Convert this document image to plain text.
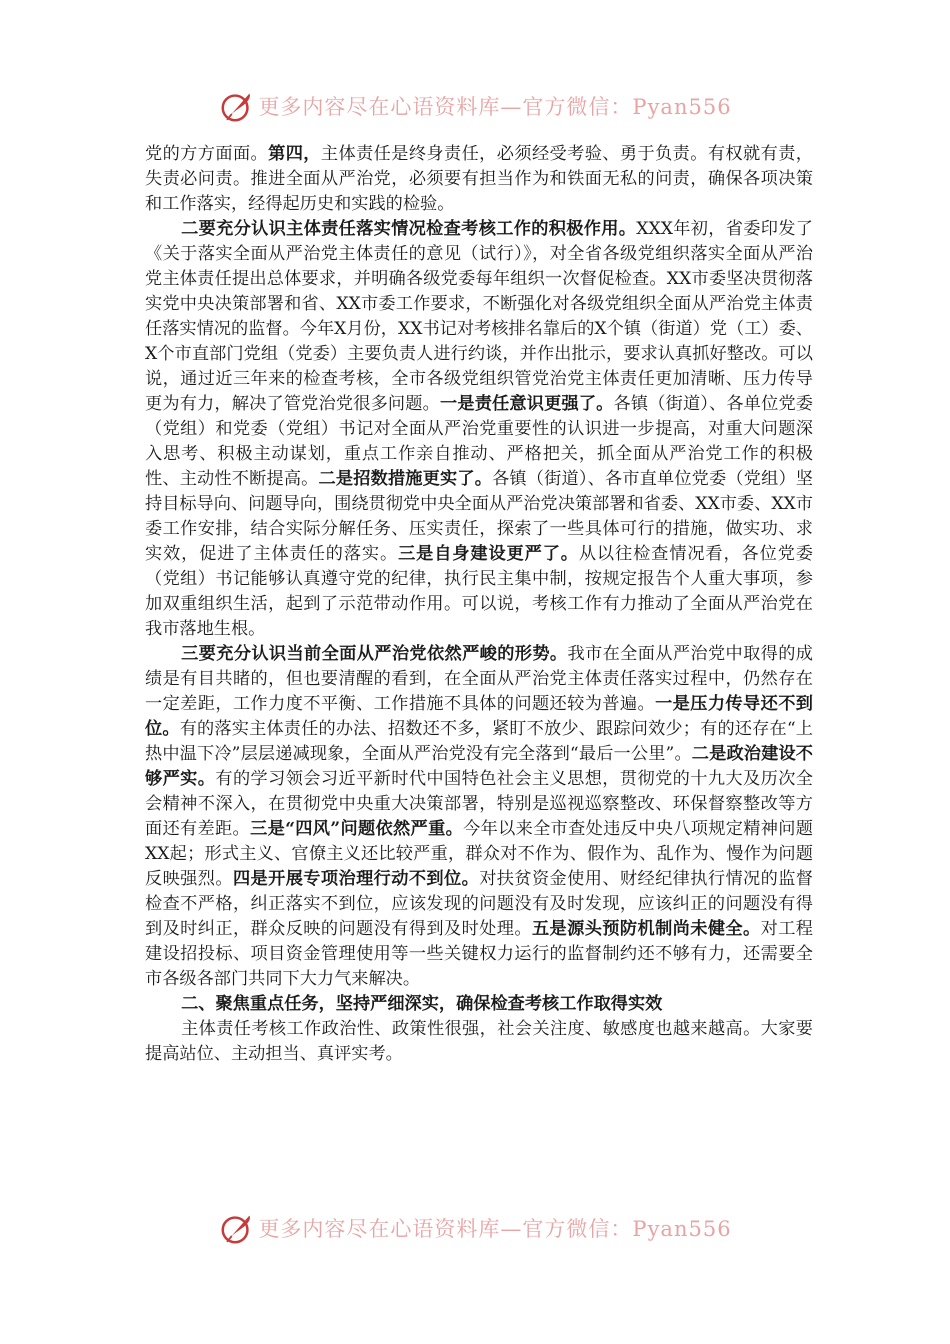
更多内容尽在心语资料库—官方微信：Pyan556

党的方方面面。第四，主体责任是终身责任，必须经受考验、勇于负责。有权就有责，失责必问责。推进全面从严治党，必须要有担当作为和铁面无私的问责，确保各项决策和工作落实，经得起历史和实践的检验。

二要充分认识主体责任落实情况检查考核工作的积极作用。XXX年初，省委印发了《关于落实全面从严治党主体责任的意见（试行）》，对全省各级党组织落实全面从严治党主体责任提出总体要求，并明确各级党委每年组织一次督促检查。XX市委坚决贯彻落实党中央决策部署和省、XX市委工作要求，不断强化对各级党组织全面从严治党主体责任落实情况的监督。今年X月份，XX书记对考核排名靠后的X个镇（街道）党（工）委、X个市直部门党组（党委）主要负责人进行约谈，并作出批示，要求认真抓好整改。可以说，通过近三年来的检查考核，全市各级党组织管党治党主体责任更加清晰、压力传导更为有力，解决了管党治党很多问题。一是责任意识更强了。各镇（街道）、各单位党委（党组）和党委（党组）书记对全面从严治党重要性的认识进一步提高，对重大问题深入思考、积极主动谋划，重点工作亲自推动、严格把关，抓全面从严治党工作的积极性、主动性不断提高。二是招数措施更实了。各镇（街道）、各市直单位党委（党组）坚持目标导向、问题导向，围绕贯彻党中央全面从严治党决策部署和省委、XX市委、XX市委工作安排，结合实际分解任务、压实责任，探索了一些具体可行的措施，做实功、求实效，促进了主体责任的落实。三是自身建设更严了。从以往检查情况看，各位党委（党组）书记能够认真遵守党的纪律，执行民主集中制，按规定报告个人重大事项，参加双重组织生活，起到了示范带动作用。可以说，考核工作有力推动了全面从严治党在我市落地生根。

三要充分认识当前全面从严治党依然严峻的形势。我市在全面从严治党中取得的成绩是有目共睹的，但也要清醒的看到，在全面从严治党主体责任落实过程中，仍然存在一定差距，工作力度不平衡、工作措施不具体的问题还较为普遍。一是压力传导还不到位。有的落实主体责任的办法、招数还不多，紧盯不放少、跟踪问效少；有的还存在“上热中温下冷”层层递减现象，全面从严治党没有完全落到“最后一公里”。二是政治建设不够严实。有的学习领会习近平新时代中国特色社会主义思想，贯彻党的十九大及历次全会精神不深入，在贯彻党中央重大决策部署，特别是巡视巡察整改、环保督察整改等方面还有差距。三是“四风”问题依然严重。今年以来全市查处违反中央八项规定精神问题XX起；形式主义、官僚主义还比较严重，群众对不作为、假作为、乱作为、慢作为问题反映强烈。四是开展专项治理行动不到位。对扶贫资金使用、财经纪律执行情况的监督检查不严格，纠正落实不到位，应该发现的问题没有及时发现，应该纠正的问题没有得到及时纠正，群众反映的问题没有得到及时处理。五是源头预防机制尚未健全。对工程建设招投标、项目资金管理使用等一些关键权力运行的监督制约还不够有力，还需要全市各级各部门共同下大力气来解决。

二、聚焦重点任务，坚持严细深实，确保检查考核工作取得实效

主体责任考核工作政治性、政策性很强，社会关注度、敏感度也越来越高。大家要提高站位、主动担当、真评实考。

更多内容尽在心语资料库—官方微信：Pyan556
